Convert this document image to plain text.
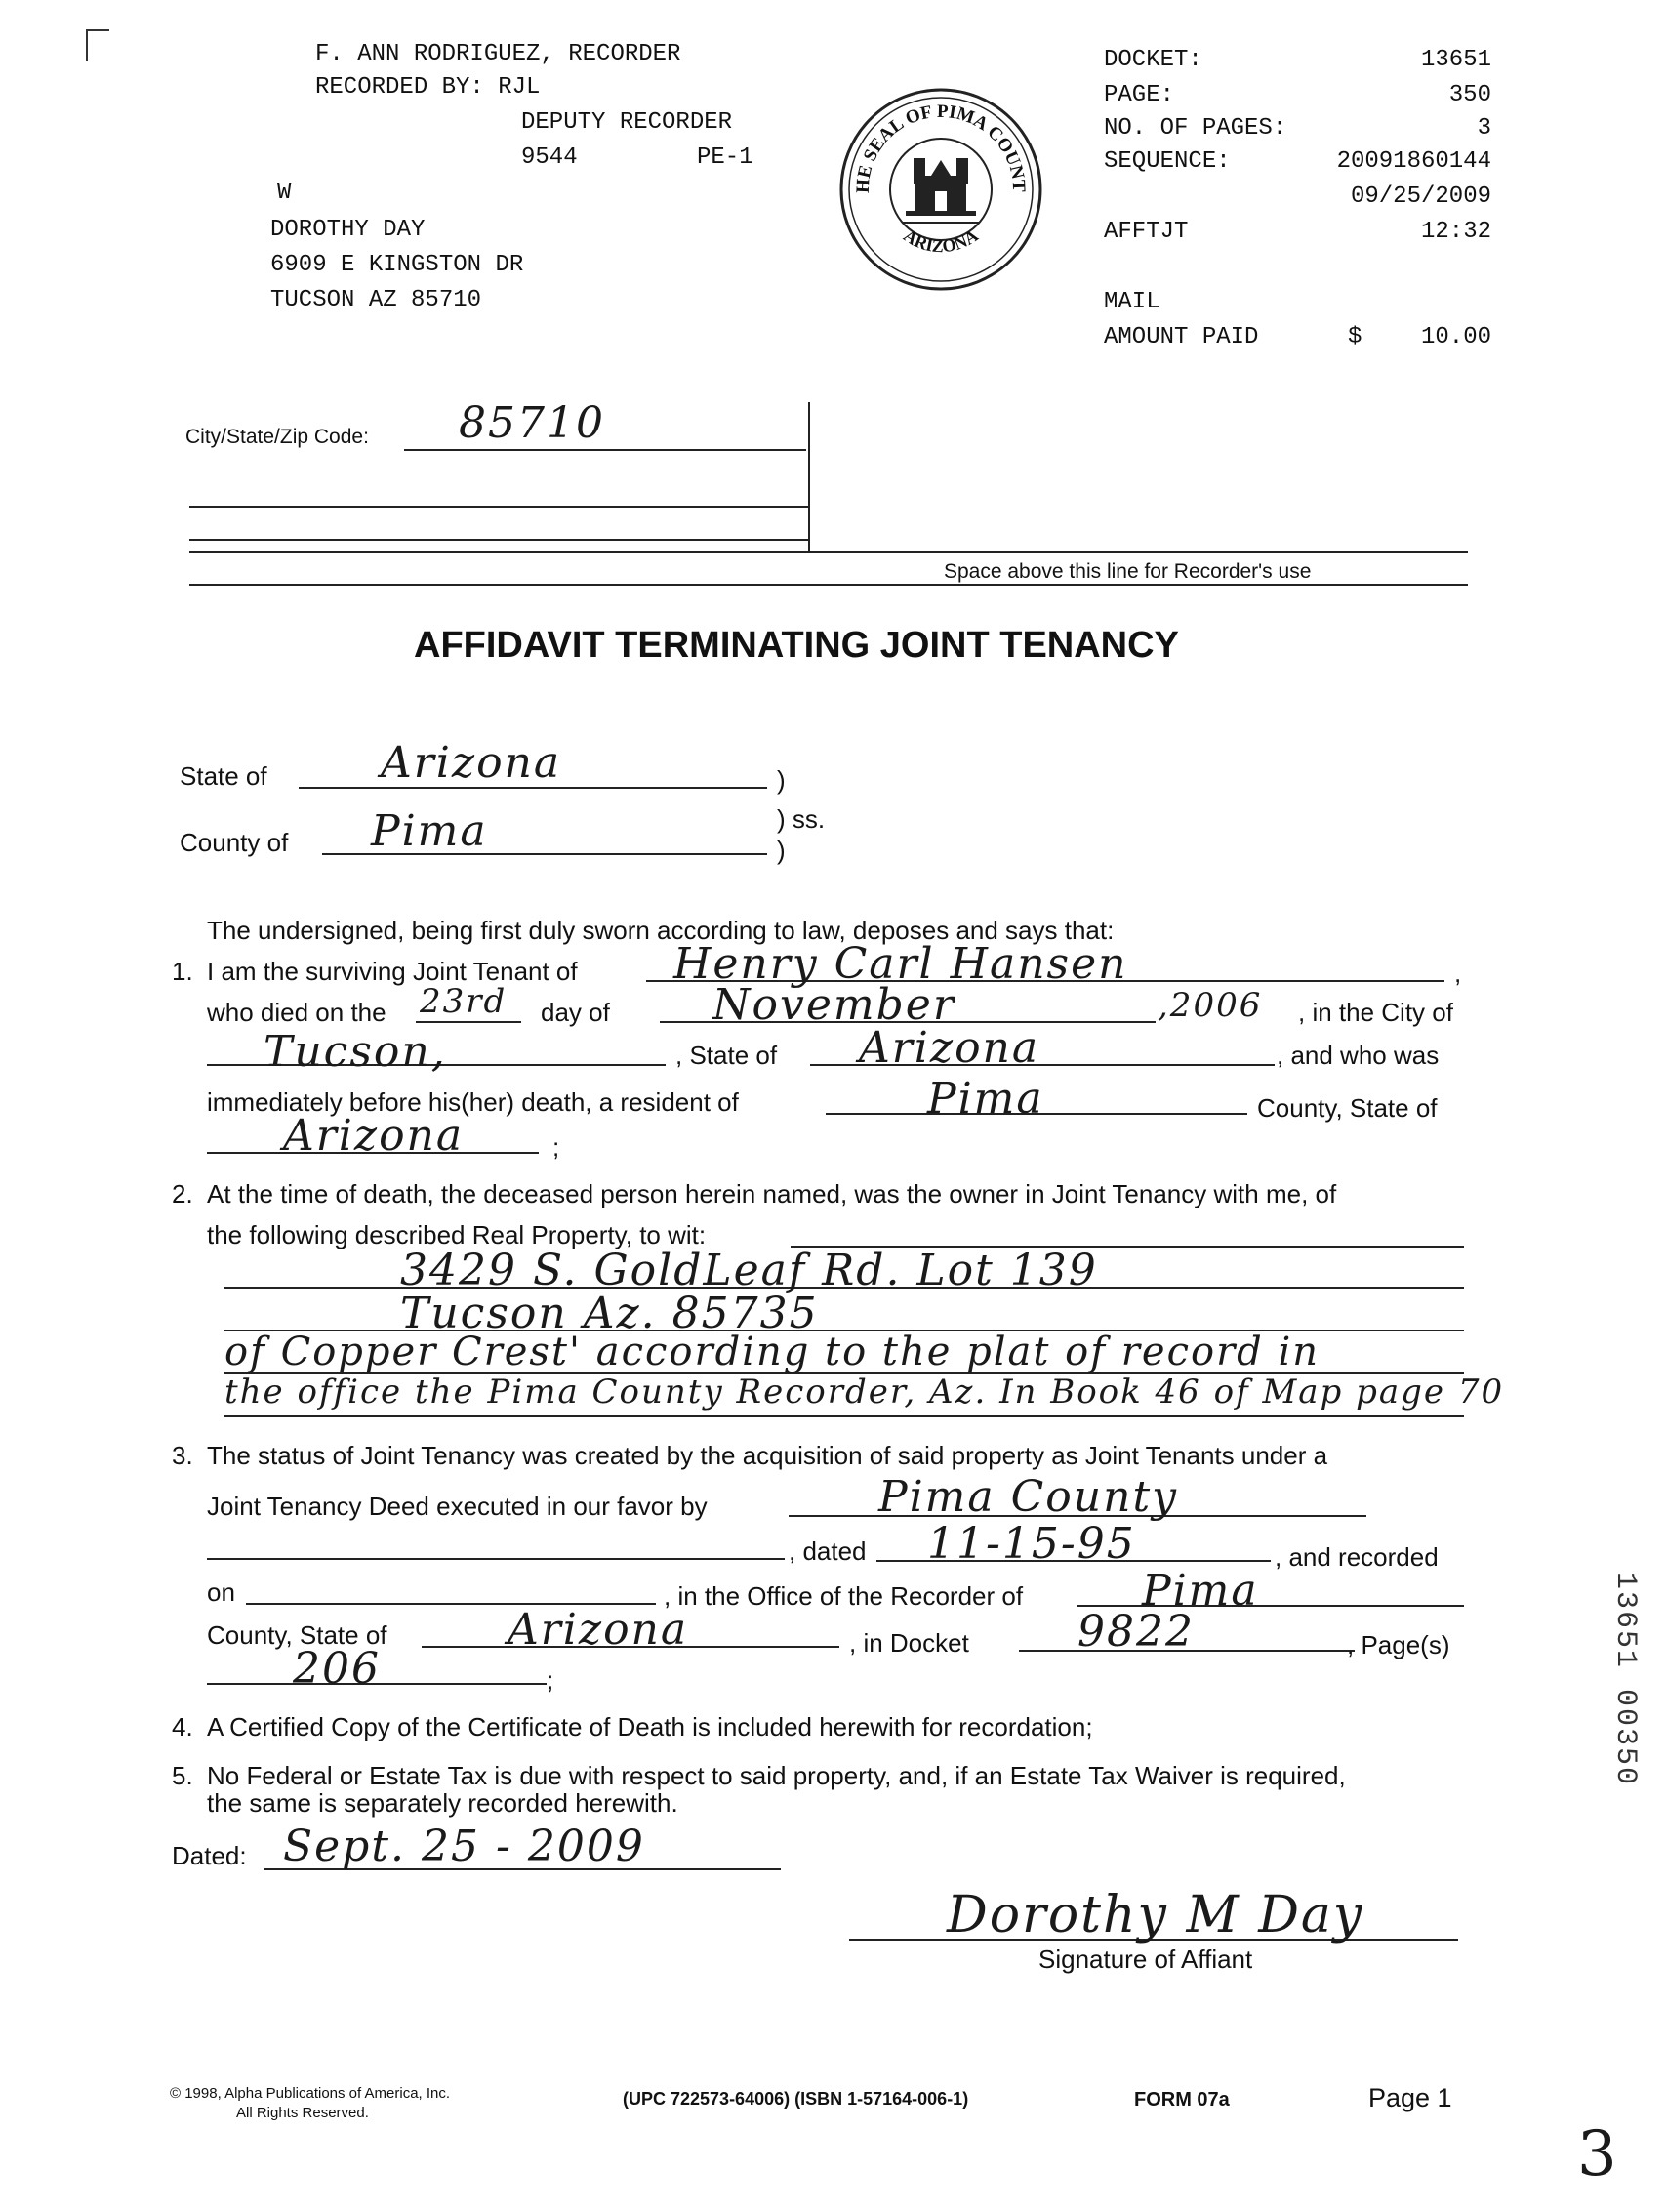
F. ANN RODRIGUEZ, RECORDER
RECORDED BY: RJL
DEPUTY RECORDER
9544	PE-1
W
DOROTHY DAY
6909 E KINGSTON DR
TUCSON AZ 85710
HE SEAL OF PIMA COUNT
ARIZONA
DOCKET:	13651
PAGE:	350
NO. OF PAGES:	3
SEQUENCE:	20091860144
09/25/2009
AFFTJT	12:32
MAIL
AMOUNT PAID	$	10.00
City/State/Zip Code: 85710
Space above this line for Recorder's use
AFFIDAVIT TERMINATING JOINT TENANCY
State of	Arizona	)
) ss.
County of Pima	)
The undersigned, being first duly sworn according to law, deposes and says that:
1. I am the surviving Joint Tenant of Henry Carl Hansen	,
who died on the 23rd day of November	,2006 , in the City of
Tucson,	, State of Arizona	, and who was
immediately before his(her) death, a resident of	Pima	County, State of
Arizona	;
2. At the time of death, the deceased person herein named, was the owner in Joint Tenancy with me, of
the following described Real Property, to wit:
3429 S. GoldLeaf Rd. Lot 139
Tucson Az. 85735
of Copper Crest' according to the plat of record in
the office the Pima County Recorder, Az. In Book 46 of Map page 70
3. The status of Joint Tenancy was created by the acquisition of said property as Joint Tenants under a
Joint Tenancy Deed executed in our favor by	Pima County
, dated 11-15-95	, and recorded
on	, in the Office of the Recorder of	Pima
County, State of	Arizona	, in Docket	9822	, Page(s)
206	;
4. A Certified Copy of the Certificate of Death is included herewith for recordation;
5. No Federal or Estate Tax is due with respect to said property, and, if an Estate Tax Waiver is required,
the same is separately recorded herewith.
Dated: Sept. 25 - 2009
Dorothy M Day
Signature of Affiant
13651 00350
© 1998, Alpha Publications of America, Inc.
All Rights Reserved.
(UPC 722573-64006) (ISBN 1-57164-006-1)	FORM 07a	Page 1
3
